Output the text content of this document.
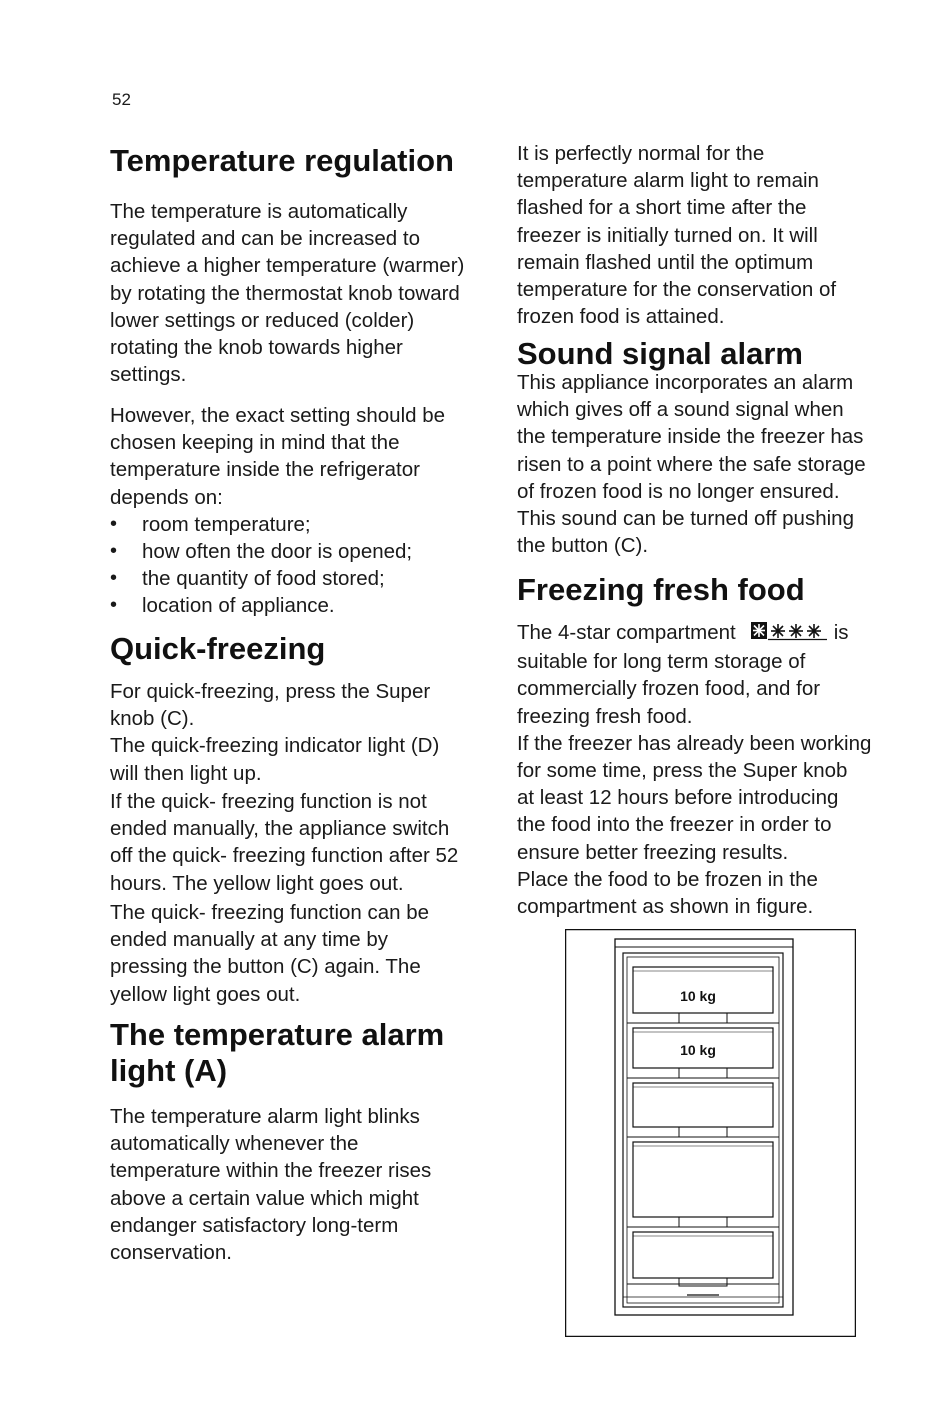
52
Temperature regulation

The temperature is automatically

regulated and can be increased to

achieve a higher temperature (warmer)

by rotating the thermostat knob toward

lower settings or reduced (colder)

rotating the knob towards higher

settings.

However, the exact setting should be

chosen keeping in mind that the

temperature inside the refrigerator

depends on:

• room temperature;
• how often the door is opened;
• the quantity of food stored;
• location of appliance.
Quick-freezing

For quick-freezing, press the Super

knob (C).

The quick-freezing indicator light (D)

will then light up.

If the quick- freezing function is not

ended manually, the appliance switch

off the quick- freezing function after 52

hours. The yellow light goes out.

The quick- freezing function can be

ended manually at any time by

pressing the button (C) again. The

yellow light goes out.

The temperature alarm
light (A)

The temperature alarm light blinks

automatically whenever the

temperature within the freezer rises

above a certain value which might

endanger satisfactory long-term

conservation.

It is perfectly normal for the

temperature alarm light to remain

flashed for a short time after the

freezer is initially turned on. It will

remain flashed until the optimum

temperature for the conservation of

frozen food is attained.

Sound signal alarm

This appliance incorporates an alarm

which gives off a sound signal when

the temperature inside the freezer has

risen to a point where the safe storage

of frozen food is no longer ensured.

This sound can be turned off pushing

the button (C).

Freezing fresh food

The 4-star compartment	is

suitable for long term storage of

commercially frozen food, and for

freezing fresh food.

If the freezer has already been working

for some time, press the Super knob

at least 12 hours before introducing

the food into the freezer in order to

ensure better freezing results.

Place the food to be frozen in the

compartment as shown in figure.

10 kg
10 kg
